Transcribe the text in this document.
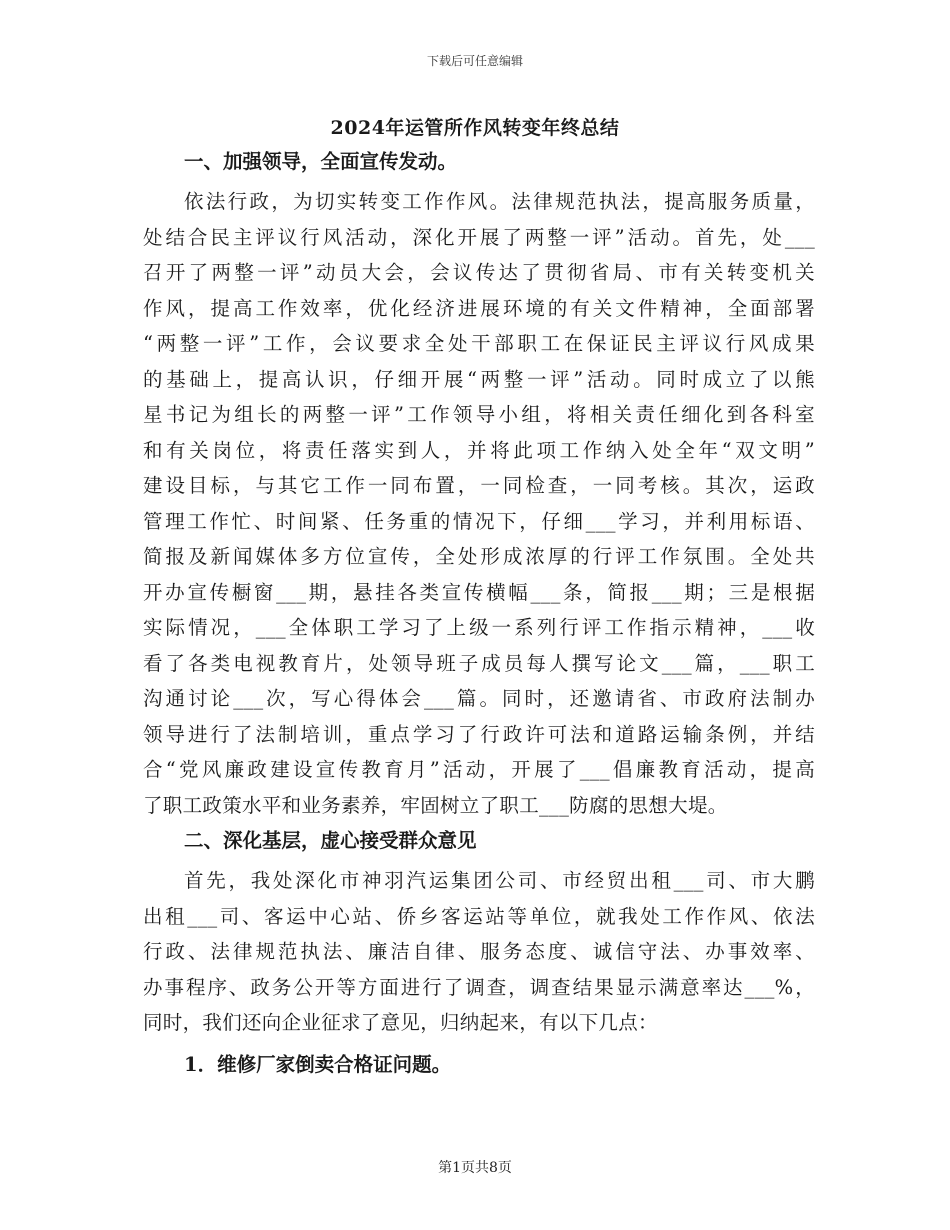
下载后可任意编辑
2024年运管所作风转变年终总结
一、加强领导，全面宣传发动。
依法行政，为切实转变工作作风。法律规范执法，提高服务质量，
处结合民主评议行风活动，深化开展了两整一评”活动。首先，处___
召开了两整一评”动员大会，会议传达了贯彻省局、市有关转变机关
作风，提高工作效率，优化经济进展环境的有关文件精神，全面部署
“两整一评”工作，会议要求全处干部职工在保证民主评议行风成果
的基础上，提高认识，仔细开展“两整一评”活动。同时成立了以熊
星书记为组长的两整一评”工作领导小组，将相关责任细化到各科室
和有关岗位，将责任落实到人，并将此项工作纳入处全年“双文明”
建设目标，与其它工作一同布置，一同检查，一同考核。其次，运政
管理工作忙、时间紧、任务重的情况下，仔细___学习，并利用标语、
简报及新闻媒体多方位宣传，全处形成浓厚的行评工作氛围。全处共
开办宣传橱窗___期，悬挂各类宣传横幅___条，简报___期；三是根据
实际情况，___全体职工学习了上级一系列行评工作指示精神，___收
看了各类电视教育片，处领导班子成员每人撰写论文___篇，___职工
沟通讨论___次，写心得体会___篇。同时，还邀请省、市政府法制办
领导进行了法制培训，重点学习了行政许可法和道路运输条例，并结
合“党风廉政建设宣传教育月”活动，开展了___倡廉教育活动，提高
了职工政策水平和业务素养，牢固树立了职工___防腐的思想大堤。
二、深化基层，虚心接受群众意见
首先，我处深化市神羽汽运集团公司、市经贸出租___司、市大鹏
出租___司、客运中心站、侨乡客运站等单位，就我处工作作风、依法
行政、法律规范执法、廉洁自律、服务态度、诚信守法、办事效率、
办事程序、政务公开等方面进行了调查，调查结果显示满意率达___%，
同时，我们还向企业征求了意见，归纳起来，有以下几点：
1．维修厂家倒卖合格证问题。
第1页共8页
